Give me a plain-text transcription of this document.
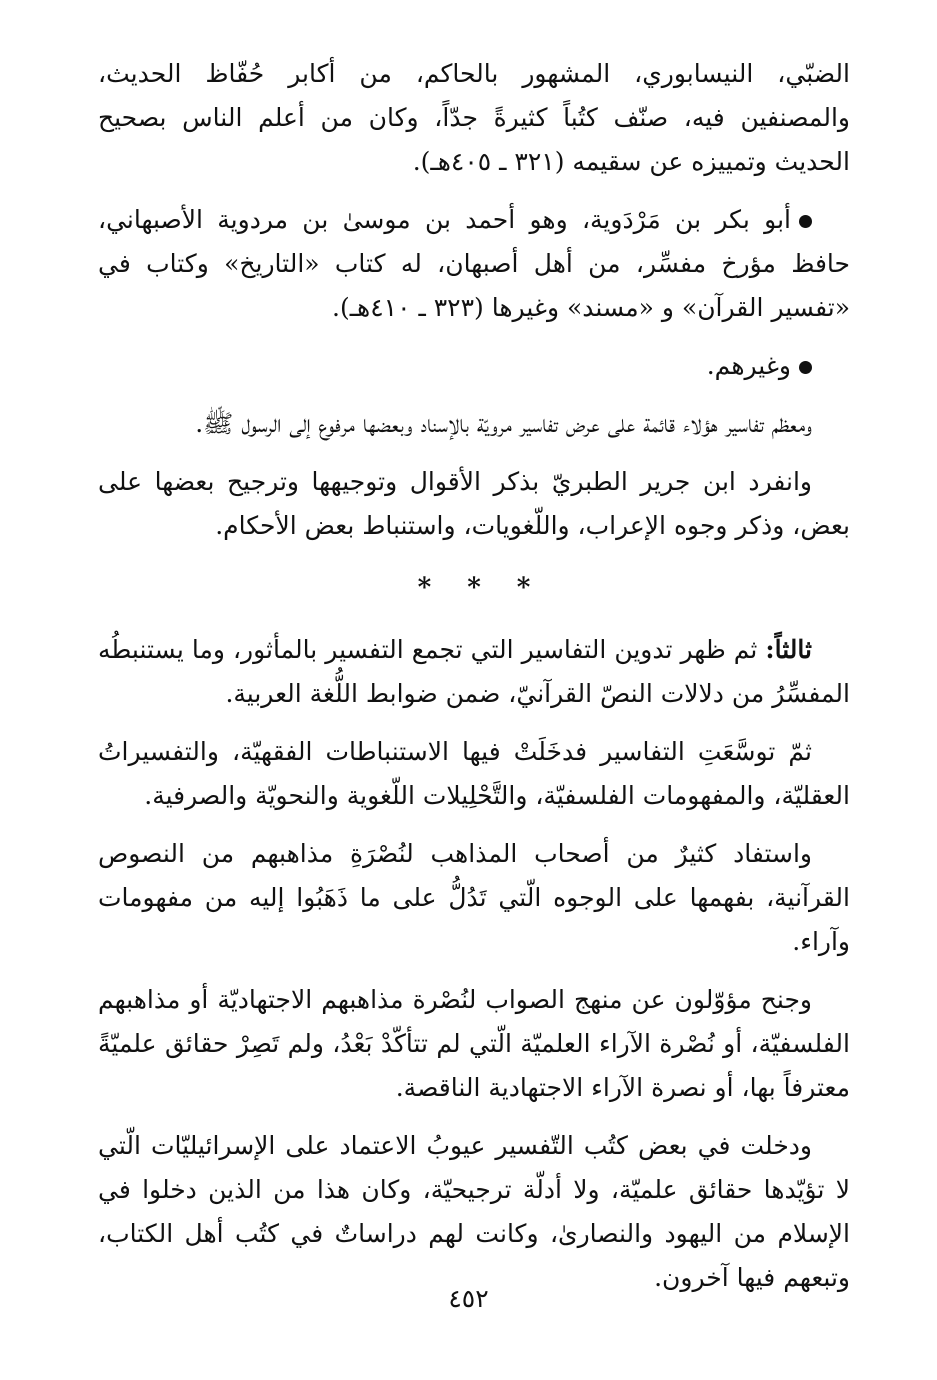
الضبّي، النيسابوري، المشهور بالحاكم، من أكابر حُفّاظ الحديث، والمصنفين فيه، صنّف كتُباً كثيرةً جدّاً، وكان من أعلم الناس بصحيح الحديث وتمييزه عن سقيمه (٣٢١ ـ ٤٠٥هـ).

أبو بكر بن مَرْدَوية، وهو أحمد بن موسىٰ بن مردوية الأصبهاني، حافظ مؤرخ مفسِّر، من أهل أصبهان، له كتاب «التاريخ» وكتاب في «تفسير القرآن» و «مسند» وغيرها (٣٢٣ ـ ٤١٠هـ).

وغيرهم.

ومعظم تفاسير هؤلاء قائمة على عرض تفاسير مرويّة بالإسناد وبعضها مرفوع إلى الرسول ﷺ.

وانفرد ابن جرير الطبريّ بذكر الأقوال وتوجيهها وترجيح بعضها على بعض، وذكر وجوه الإعراب، واللّغويات، واستنباط بعض الأحكام.

***

ثالثاً: ثم ظهر تدوين التفاسير التي تجمع التفسير بالمأثور، وما يستنبطُه المفسِّرُ من دلالات النصّ القرآنيّ، ضمن ضوابط اللُّغة العربية.

ثمّ توسَّعَتِ التفاسير فدخَلَتْ فيها الاستنباطات الفقهيّة، والتفسيراتُ العقليّة، والمفهومات الفلسفيّة، والتَّحْلِيلات اللّغوية والنحويّة والصرفية.

واستفاد كثيرٌ من أصحاب المذاهب لنُصْرَةِ مذاهبهم من النصوص القرآنية، بفهمها على الوجوه الّتي تَدُلُّ على ما ذَهَبُوا إليه من مفهومات وآراء.

وجنح مؤوّلون عن منهج الصواب لنُصْرة مذاهبهم الاجتهاديّة أو مذاهبهم الفلسفيّة، أو نُصْرة الآراء العلميّة الّتي لم تتأكّدْ بَعْدُ، ولم تَصِرْ حقائق علميّةً معترفاً بها، أو نصرة الآراء الاجتهادية الناقصة.

ودخلت في بعض كتُب التّفسير عيوبُ الاعتماد على الإسرائيليّات الّتي لا تؤيّدها حقائق علميّة، ولا أدلّة ترجيحيّة، وكان هذا من الذين دخلوا في الإسلام من اليهود والنصارىٰ، وكانت لهم دراساتٌ في كتُب أهل الكتاب، وتبعهم فيها آخرون.

٤٥٢
